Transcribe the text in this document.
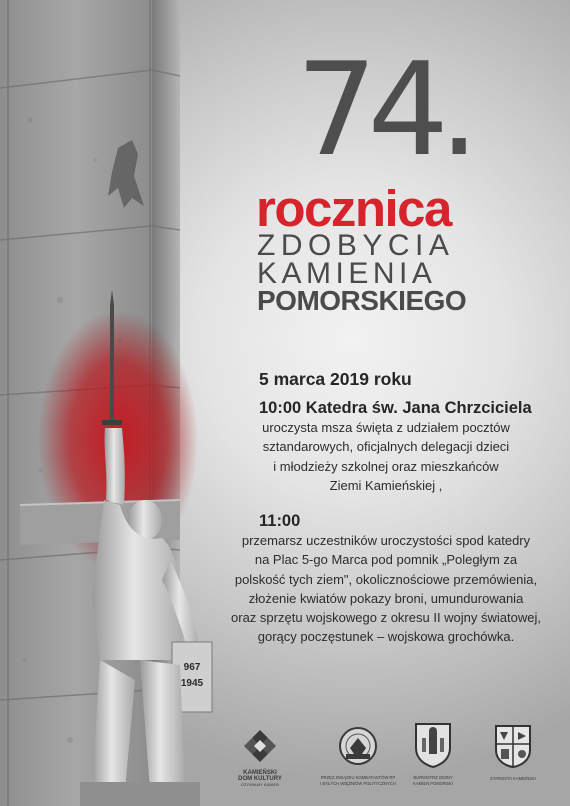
967
1945
74.
rocznica
ZDOBYCIA
KAMIENIA
POMORSKIEGO
5 marca 2019 roku
10:00 Katedra św. Jana Chrzciciela
uroczysta msza święta z udziałem pocztów
sztandarowych, oficjalnych delegacji dzieci
i młodzieży szkolnej oraz mieszkańców
Ziemi Kamieńskiej ,
11:00
przemarsz uczestników uroczystości spod katedry
na Plac 5-go Marca pod pomnik „Poległym za
polskość tych ziem", okolicznościowe przemówienia,
złożenie kwiatów pokazy broni, umundurowania
oraz sprzętu wojskowego z okresu II wojny światowej,
gorący poczęstunek – wojskowa grochówka.
KAMIEŃSKI
DOM KULTURY
OŻYWIAMY KAMIEŃ
PRZEZ ZWIĄZKU KOMBATANTÓW RP
I BYŁYCH WIĘŹNIÓW POLITYCZNYCH
BURMISTRZ GMINY
KAMIEŃ POMORSKI
STAROSTA KAMIEŃSKI
